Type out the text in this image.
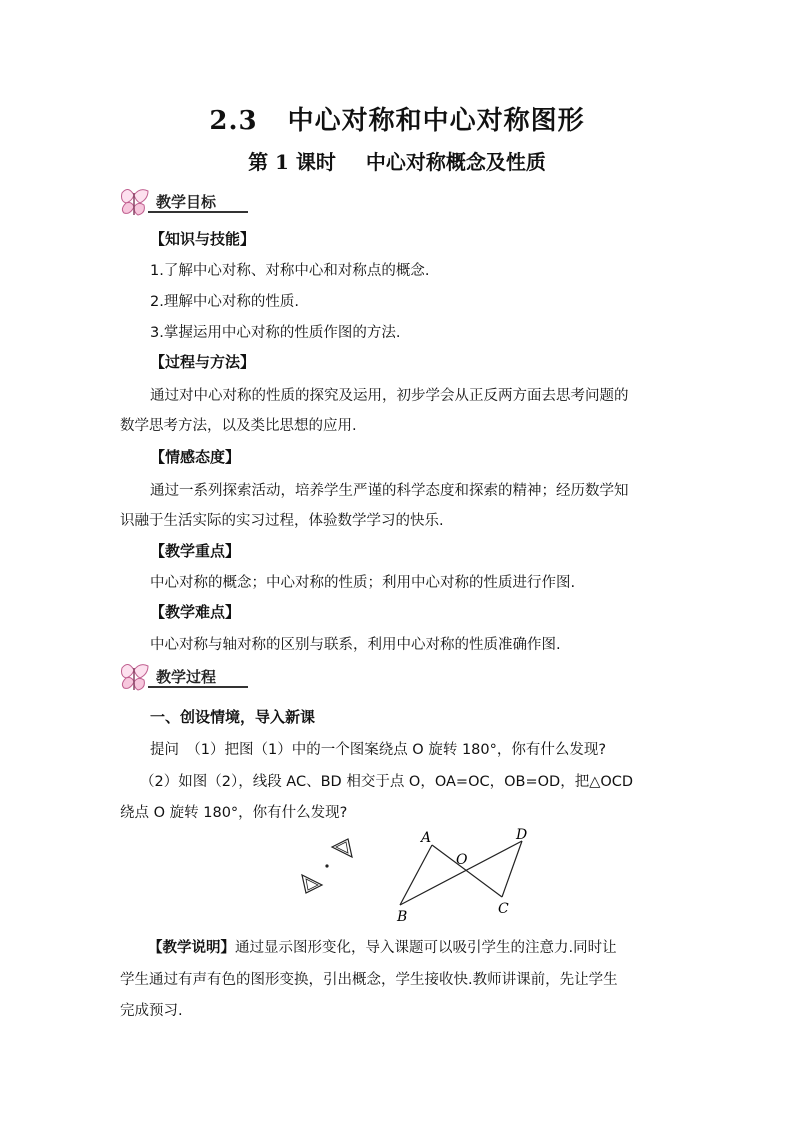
2.3 中心对称和中心对称图形
第 1 课时 中心对称概念及性质
教学目标
【知识与技能】
1.了解中心对称、对称中心和对称点的概念.
2.理解中心对称的性质.
3.掌握运用中心对称的性质作图的方法.
【过程与方法】
通过对中心对称的性质的探究及运用，初步学会从正反两方面去思考问题的
数学思考方法，以及类比思想的应用.
【情感态度】
通过一系列探索活动，培养学生严谨的科学态度和探索的精神；经历数学知
识融于生活实际的实习过程，体验数学学习的快乐.
【教学重点】
中心对称的概念；中心对称的性质；利用中心对称的性质进行作图.
【教学难点】
中心对称与轴对称的区别与联系，利用中心对称的性质准确作图.
教学过程
一、创设情境，导入新课
提问　（1）把图（1）中的一个图案绕点 O 旋转 180°，你有什么发现?
（2）如图（2），线段 AC、BD 相交于点 O，OA=OC，OB=OD，把△OCD
绕点 O 旋转 180°，你有什么发现?
A
B	C
D
O
【教学说明】通过显示图形变化，导入课题可以吸引学生的注意力.同时让
学生通过有声有色的图形变换，引出概念，学生接收快.教师讲课前，先让学生
完成预习.
